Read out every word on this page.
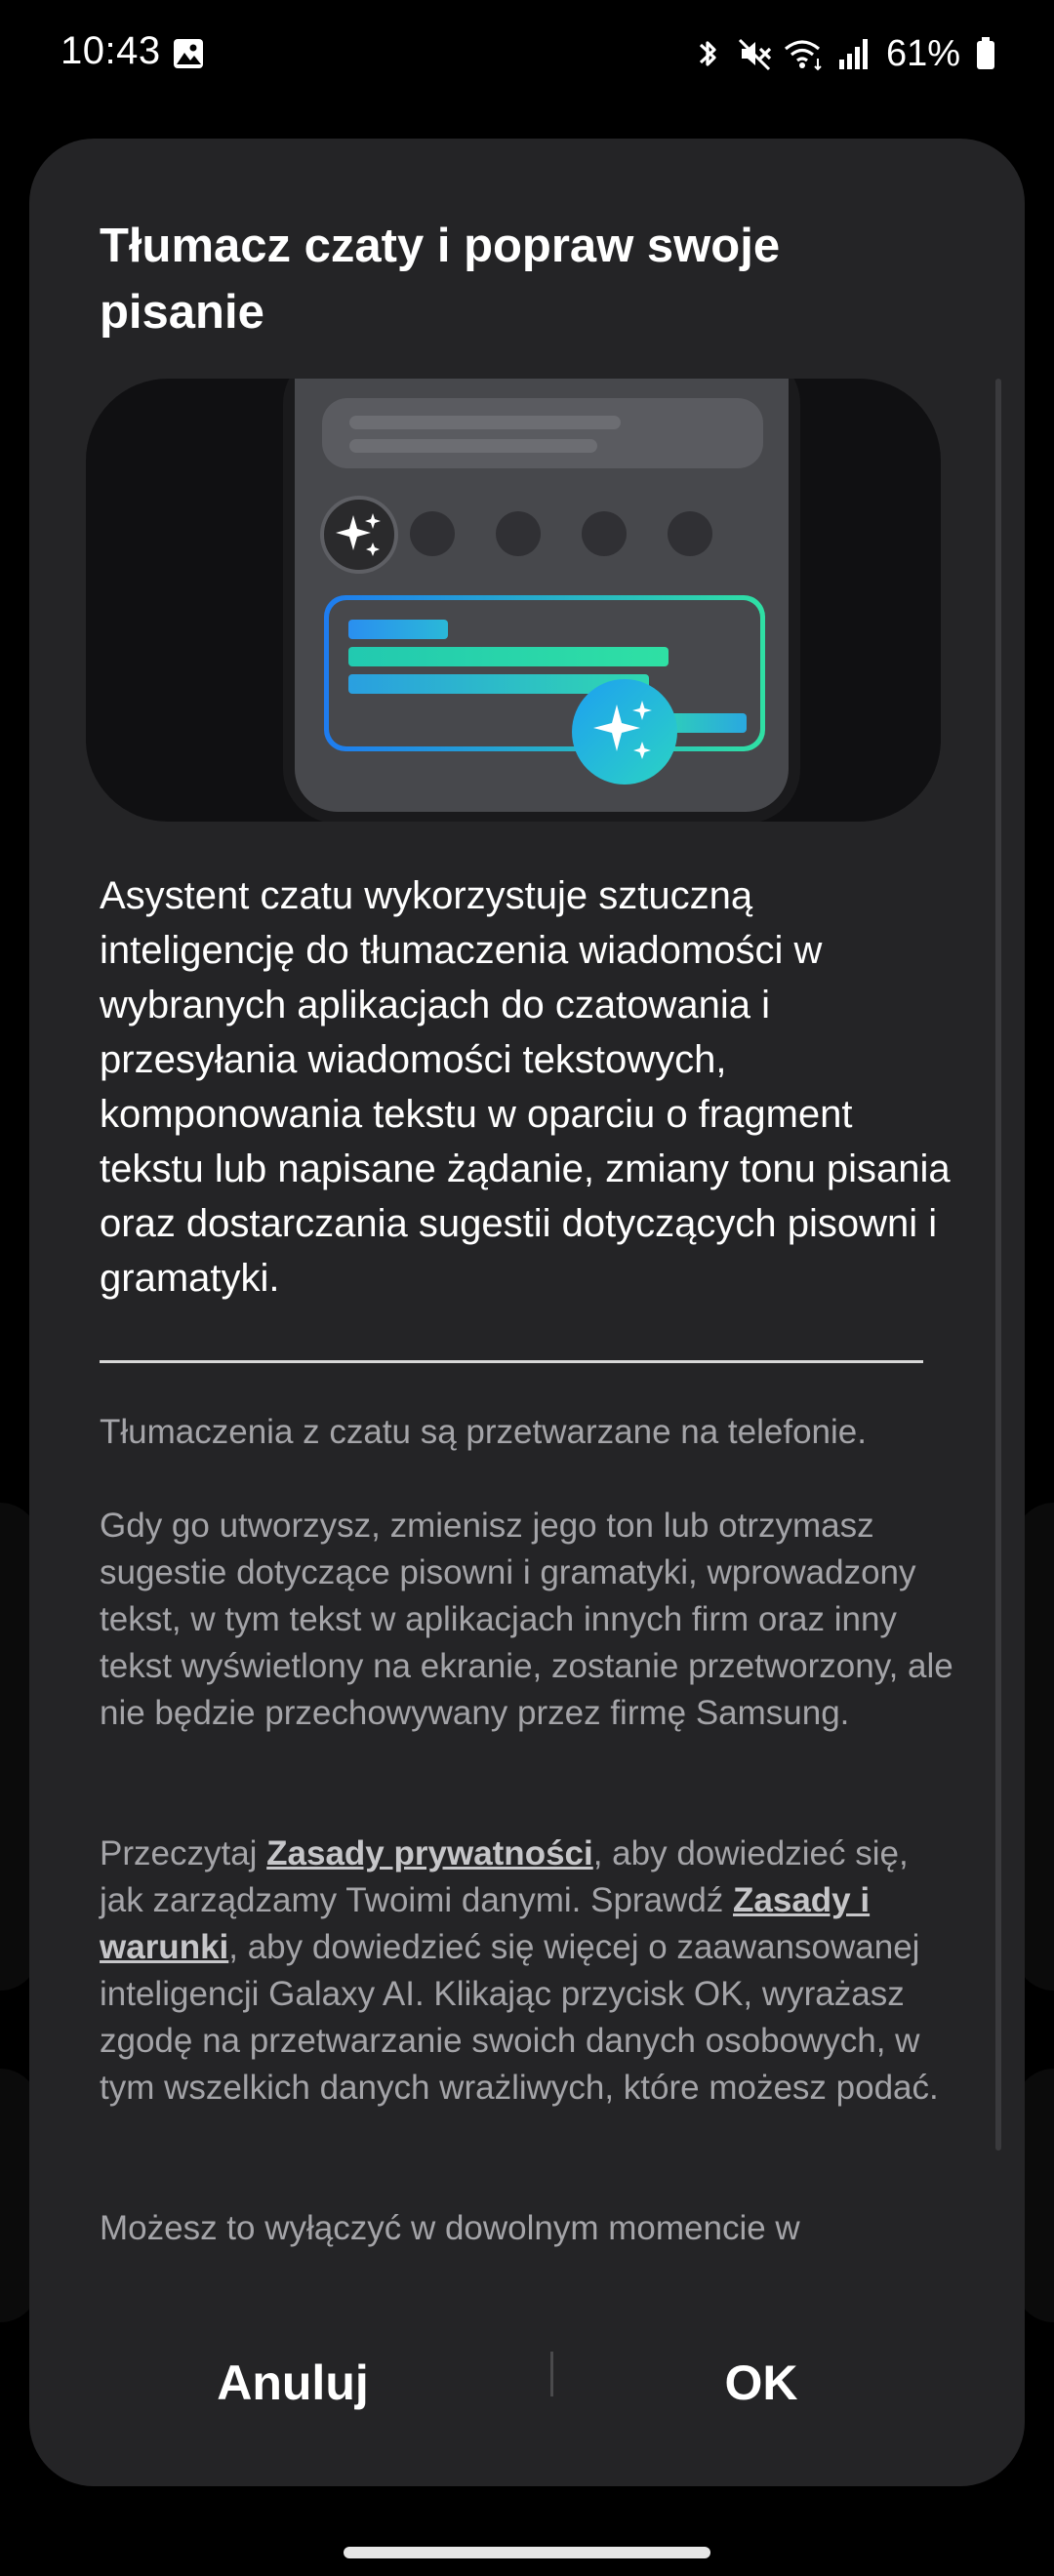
10:43	61%
Tłumacz czaty i popraw swoje pisanie
Asystent czatu wykorzystuje sztuczną inteligencję do tłumaczenia wiadomości w wybranych aplikacjach do czatowania i przesyłania wiadomości tekstowych, komponowania tekstu w oparciu o fragment tekstu lub napisane żądanie, zmiany tonu pisania oraz dostarczania sugestii dotyczących pisowni i gramatyki.
Tłumaczenia z czatu są przetwarzane na telefonie.
Gdy go utworzysz, zmienisz jego ton lub otrzymasz sugestie dotyczące pisowni i gramatyki, wprowadzony tekst, w tym tekst w aplikacjach innych firm oraz inny tekst wyświetlony na ekranie, zostanie przetworzony, ale nie będzie przechowywany przez firmę Samsung.
Przeczytaj Zasady prywatności, aby dowiedzieć się, jak zarządzamy Twoimi danymi. Sprawdź Zasady i warunki, aby dowiedzieć się więcej o zaawansowanej inteligencji Galaxy AI. Klikając przycisk OK, wyrażasz zgodę na przetwarzanie swoich danych osobowych, w tym wszelkich danych wrażliwych, które możesz podać.
Możesz to wyłączyć w dowolnym momencie w
Anuluj	OK
